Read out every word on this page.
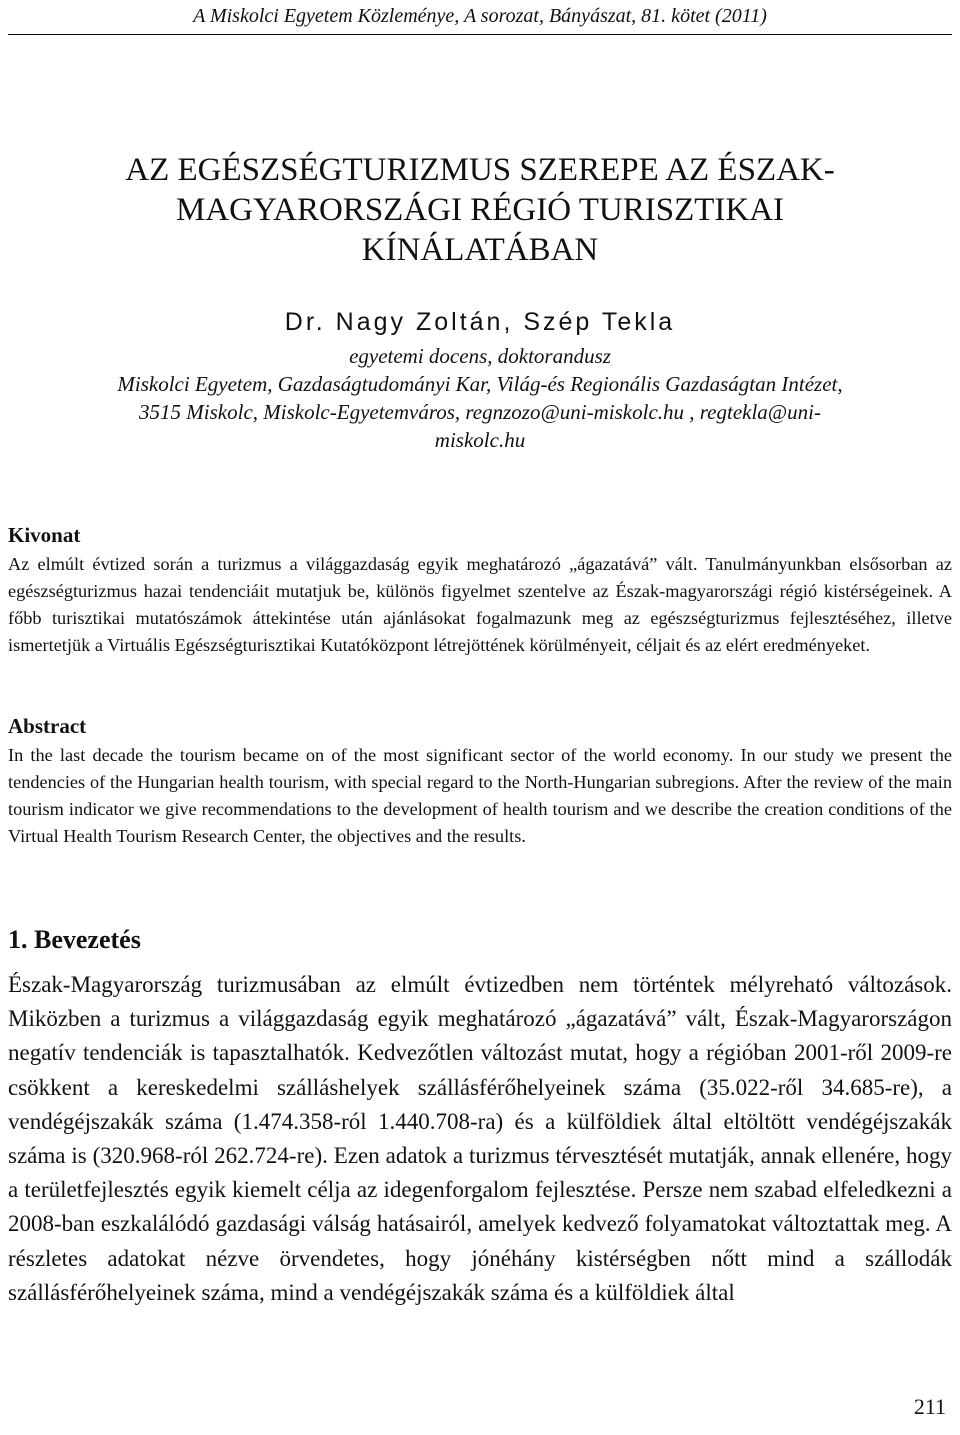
A Miskolci Egyetem Közleménye, A sorozat, Bányászat, 81. kötet (2011)
AZ EGÉSZSÉGTURIZMUS SZEREPE AZ ÉSZAK-
MAGYARORSZÁGI RÉGIÓ TURISZTIKAI
KÍNÁLATÁBAN
Dr. Nagy Zoltán, Szép Tekla
egyetemi docens, doktorandusz
Miskolci Egyetem, Gazdaságtudományi Kar, Világ-és Regionális Gazdaságtan Intézet,
3515 Miskolc, Miskolc-Egyetemváros, regnzozo@uni-miskolc.hu , regtekla@uni-
miskolc.hu
Kivonat

Az elmúlt évtized során a turizmus a világgazdaság egyik meghatározó „ágazatává” vált. Tanulmányunkban elsősorban az egészségturizmus hazai tendenciáit mutatjuk be, különös figyelmet szentelve az Észak-magyarországi régió kistérségeinek. A főbb turisztikai mutatószámok áttekintése után ajánlásokat fogalmazunk meg az egészségturizmus fejlesztéséhez, illetve ismertetjük a Virtuális Egészségturisztikai Kutatóközpont létrejöttének körülményeit, céljait és az elért eredményeket.

Abstract

In the last decade the tourism became on of the most significant sector of the world economy. In our study we present the tendencies of the Hungarian health tourism, with special regard to the North-Hungarian subregions. After the review of the main tourism indicator we give recommendations to the development of health tourism and we describe the creation conditions of the Virtual Health Tourism Research Center, the objectives and the results.

1. Bevezetés

Észak-Magyarország turizmusában az elmúlt évtizedben nem történtek mélyreható változások. Miközben a turizmus a világgazdaság egyik meghatározó „ágazatává” vált, Észak-Magyarországon negatív tendenciák is tapasztalhatók. Kedvezőtlen változást mutat, hogy a régióban 2001-ről 2009-re csökkent a kereskedelmi szálláshelyek szállásférőhelyeinek száma (35.022-ről 34.685-re), a vendégéjszakák száma (1.474.358-ról 1.440.708-ra) és a külföldiek által eltöltött vendégéjszakák száma is (320.968-ról 262.724-re). Ezen adatok a turizmus térvesztését mutatják, annak ellenére, hogy a területfejlesztés egyik kiemelt célja az idegenforgalom fejlesztése. Persze nem szabad elfeledkezni a 2008-ban eszkalálódó gazdasági válság hatásairól, amelyek kedvező folyamatokat változtattak meg. A részletes adatokat nézve örvendetes, hogy jónéhány kistérségben nőtt mind a szállodák szállásférőhelyeinek száma, mind a vendégéjszakák száma és a külföldiek által

211
